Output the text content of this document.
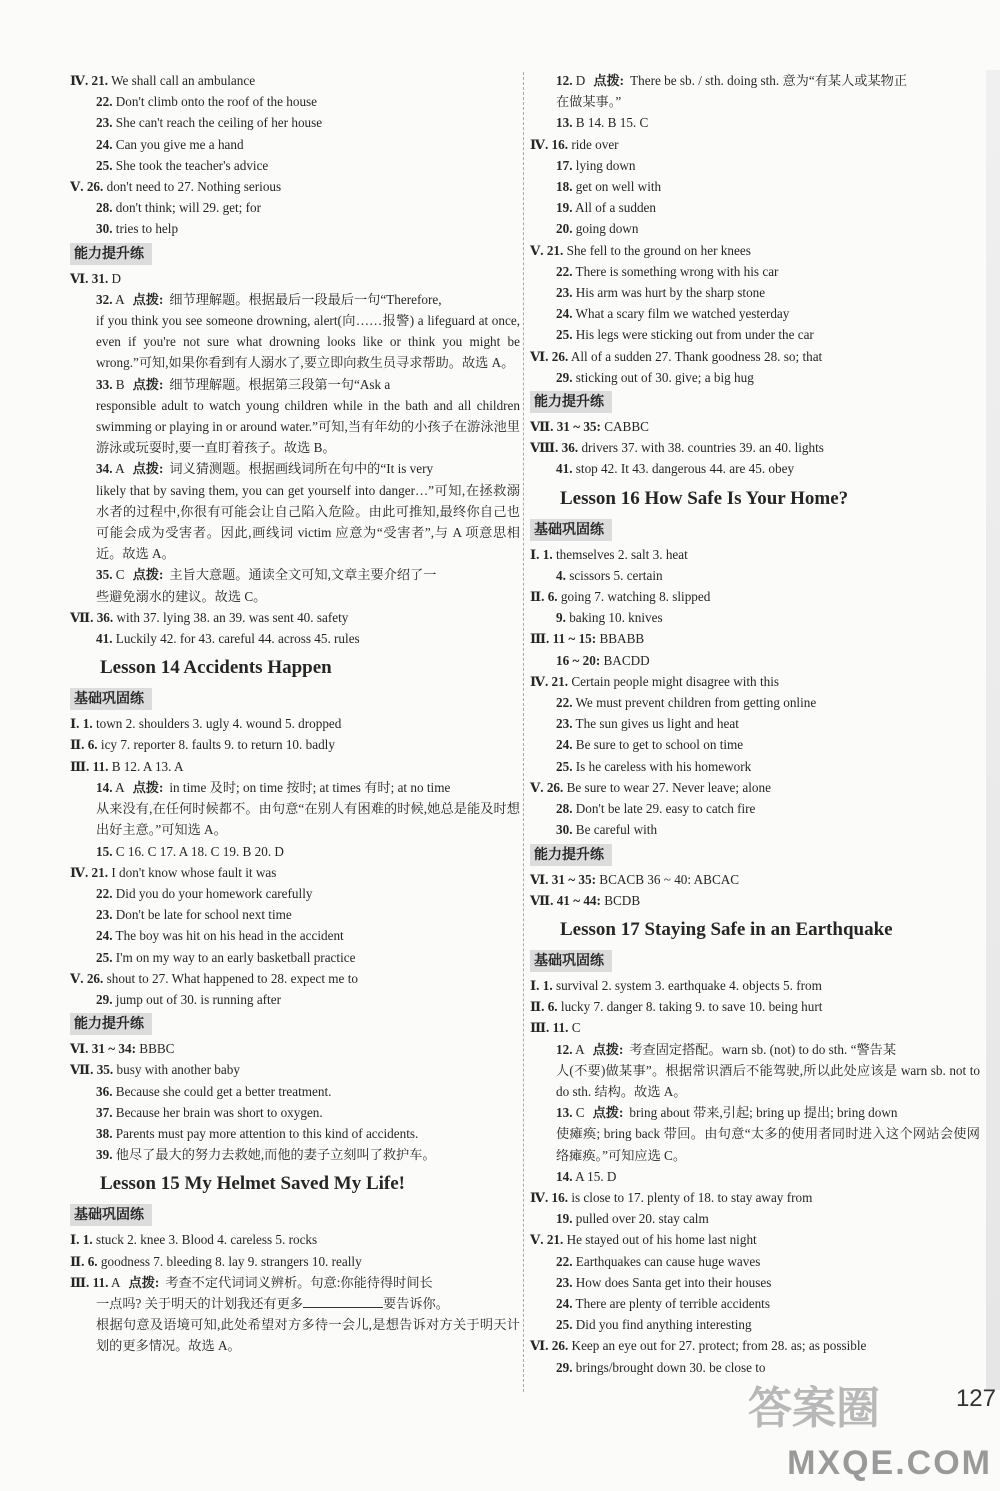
Ⅳ. 21. We shall call an ambulance
22. Don't climb onto the roof of the house
23. She can't reach the ceiling of her house
24. Can you give me a hand
25. She took the teacher's advice
Ⅴ. 26. don't need to 27. Nothing serious
28. don't think; will 29. get; for
30. tries to help
能力提升练
Ⅵ. 31. D
32. A 点拨: 细节理解题。根据最后一段最后一句“Therefore,
if you think you see someone drowning, alert(向……报警) a lifeguard at once, even if you're not sure what drowning looks like or think you might be wrong.”可知,如果你看到有人溺水了,要立即向救生员寻求帮助。故选 A。
33. B 点拨: 细节理解题。根据第三段第一句“Ask a
responsible adult to watch young children while in the bath and all children swimming or playing in or around water.”可知,当有年幼的小孩子在游泳池里游泳或玩耍时,要一直盯着孩子。故选 B。
34. A 点拨: 词义猜测题。根据画线词所在句中的“It is very
likely that by saving them, you can get yourself into danger…”可知,在拯救溺水者的过程中,你很有可能会让自己陷入危险。由此可推知,最终你自己也可能会成为受害者。因此,画线词 victim 应意为“受害者”,与 A 项意思相近。故选 A。
35. C 点拨: 主旨大意题。通读全文可知,文章主要介绍了一
些避免溺水的建议。故选 C。
Ⅶ. 36. with 37. lying 38. an 39. was sent 40. safety
41. Luckily 42. for 43. careful 44. across 45. rules
Lesson 14 Accidents Happen
基础巩固练
Ⅰ. 1. town 2. shoulders 3. ugly 4. wound 5. dropped
Ⅱ. 6. icy 7. reporter 8. faults 9. to return 10. badly
Ⅲ. 11. B 12. A 13. A
14. A 点拨: in time 及时; on time 按时; at times 有时; at no time
从来没有,在任何时候都不。由句意“在别人有困难的时候,她总是能及时想出好主意。”可知选 A。
15. C 16. C 17. A 18. C 19. B 20. D
Ⅳ. 21. I don't know whose fault it was
22. Did you do your homework carefully
23. Don't be late for school next time
24. The boy was hit on his head in the accident
25. I'm on my way to an early basketball practice
Ⅴ. 26. shout to 27. What happened to 28. expect me to
29. jump out of 30. is running after
能力提升练
Ⅵ. 31 ~ 34: BBBC
Ⅶ. 35. busy with another baby
36. Because she could get a better treatment.
37. Because her brain was short to oxygen.
38. Parents must pay more attention to this kind of accidents.
39. 他尽了最大的努力去救她,而他的妻子立刻叫了救护车。
Lesson 15 My Helmet Saved My Life!
基础巩固练
Ⅰ. 1. stuck 2. knee 3. Blood 4. careless 5. rocks
Ⅱ. 6. goodness 7. bleeding 8. lay 9. strangers 10. really
Ⅲ. 11. A 点拨: 考查不定代词词义辨析。句意:你能待得时间长
一点吗? 关于明天的计划我还有更多	要告诉你。
根据句意及语境可知,此处希望对方多待一会儿,是想告诉对方关于明天计划的更多情况。故选 A。
12. D 点拨: There be sb. / sth. doing sth. 意为“有某人或某物正
在做某事。”
13. B 14. B 15. C
Ⅳ. 16. ride over
17. lying down
18. get on well with
19. All of a sudden
20. going down
Ⅴ. 21. She fell to the ground on her knees
22. There is something wrong with his car
23. His arm was hurt by the sharp stone
24. What a scary film we watched yesterday
25. His legs were sticking out from under the car
Ⅵ. 26. All of a sudden 27. Thank goodness 28. so; that
29. sticking out of 30. give; a big hug
能力提升练
Ⅶ. 31 ~ 35: CABBC
Ⅷ. 36. drivers 37. with 38. countries 39. an 40. lights
41. stop 42. It 43. dangerous 44. are 45. obey
Lesson 16 How Safe Is Your Home?
基础巩固练
Ⅰ. 1. themselves 2. salt 3. heat
4. scissors 5. certain
Ⅱ. 6. going 7. watching 8. slipped
9. baking 10. knives
Ⅲ. 11 ~ 15: BBABB
16 ~ 20: BACDD
Ⅳ. 21. Certain people might disagree with this
22. We must prevent children from getting online
23. The sun gives us light and heat
24. Be sure to get to school on time
25. Is he careless with his homework
Ⅴ. 26. Be sure to wear 27. Never leave; alone
28. Don't be late 29. easy to catch fire
30. Be careful with
能力提升练
Ⅵ. 31 ~ 35: BCACB 36 ~ 40: ABCAC
Ⅶ. 41 ~ 44: BCDB
Lesson 17 Staying Safe in an Earthquake
基础巩固练
Ⅰ. 1. survival 2. system 3. earthquake 4. objects 5. from
Ⅱ. 6. lucky 7. danger 8. taking 9. to save 10. being hurt
Ⅲ. 11. C
12. A 点拨: 考查固定搭配。warn sb. (not) to do sth. “警告某
人(不要)做某事”。根据常识酒后不能驾驶,所以此处应该是 warn sb. not to do sth. 结构。故选 A。
13. C 点拨: bring about 带来,引起; bring up 提出; bring down
使瘫痪; bring back 带回。由句意“太多的使用者同时进入这个网站会使网络瘫痪。”可知应选 C。
14. A 15. D
Ⅳ. 16. is close to 17. plenty of 18. to stay away from
19. pulled over 20. stay calm
Ⅴ. 21. He stayed out of his home last night
22. Earthquakes can cause huge waves
23. How does Santa get into their houses
24. There are plenty of terrible accidents
25. Did you find anything interesting
Ⅵ. 26. Keep an eye out for 27. protect; from 28. as; as possible
29. brings/brought down 30. be close to
127
答案圈
MXQE.COM
